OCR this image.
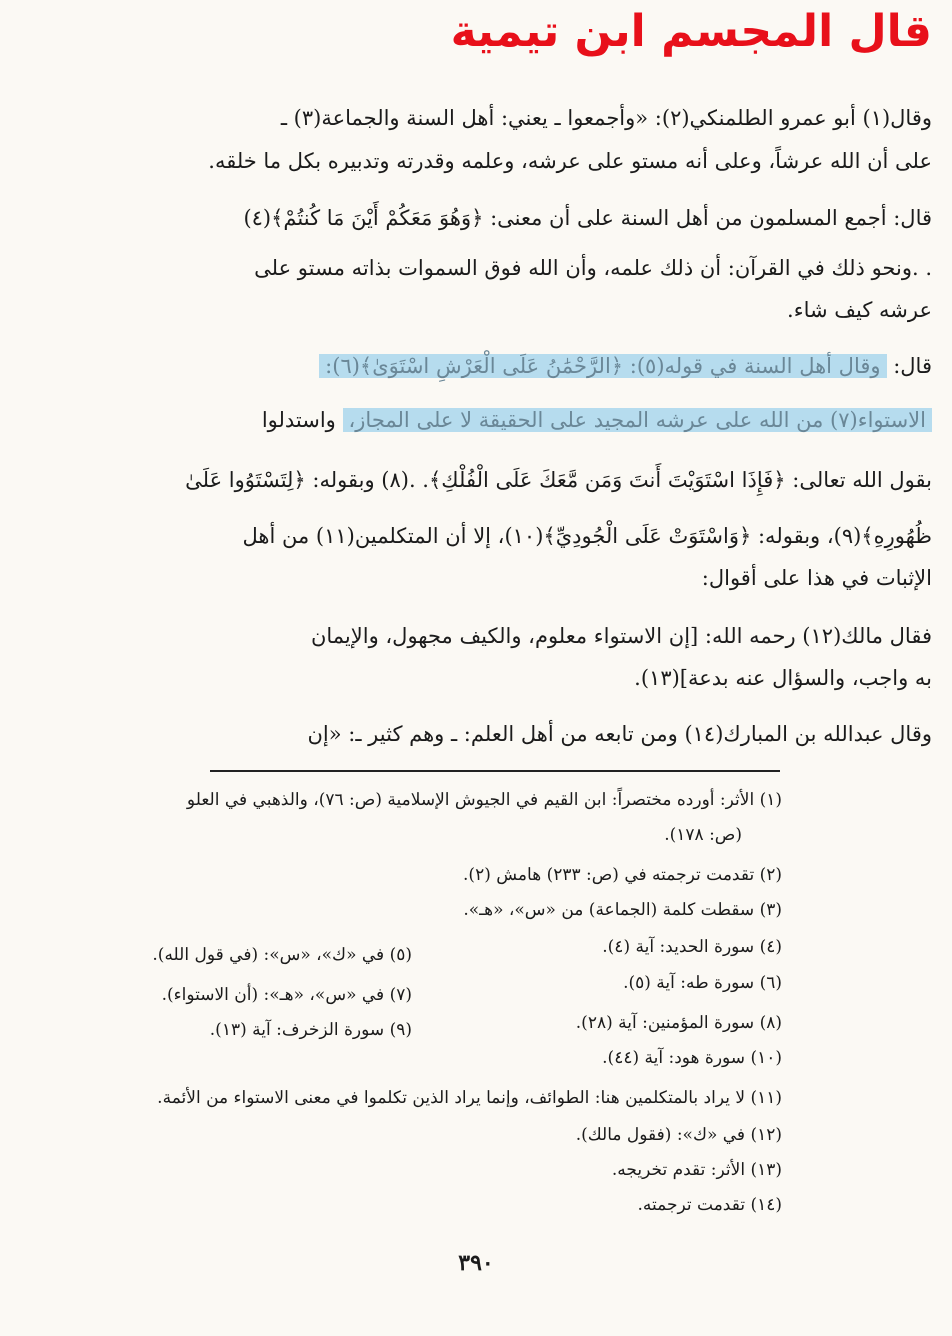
قال المجسم ابن تيمية
وقال(١) أبو عمرو الطلمنكي(٢): «وأجمعوا ـ يعني: أهل السنة والجماعة(٣) ـ
على أن الله عرشاً، وعلى أنه مستو على عرشه، وعلمه وقدرته وتدبيره بكل ما خلقه.
قال: أجمع المسلمون من أهل السنة على أن معنى: ﴿وَهُوَ مَعَكُمْ أَيْنَ مَا كُنتُمْ﴾(٤)
. .ونحو ذلك في القرآن: أن ذلك علمه، وأن الله فوق السموات بذاته مستو على
عرشه كيف شاء.
قال: وقال أهل السنة في قوله(٥): ﴿الرَّحْمَٰنُ عَلَى الْعَرْشِ اسْتَوَىٰ﴾(٦):
الاستواء(٧) من الله على عرشه المجيد على الحقيقة لا على المجاز، واستدلوا
بقول الله تعالى: ﴿فَإِذَا اسْتَوَيْتَ أَنتَ وَمَن مَّعَكَ عَلَى الْفُلْكِ﴾. .(٨) وبقوله: ﴿لِتَسْتَوُوا عَلَىٰ
ظُهُورِهِ﴾(٩)، وبقوله: ﴿وَاسْتَوَتْ عَلَى الْجُودِيِّ﴾(١٠)، إلا أن المتكلمين(١١) من أهل
الإثبات في هذا على أقوال:
فقال مالك(١٢) رحمه الله: [إن الاستواء معلوم، والكيف مجهول، والإيمان
به واجب، والسؤال عنه بدعة](١٣).
وقال عبدالله بن المبارك(١٤) ومن تابعه من أهل العلم: ـ وهم كثير ـ: «إن
(١) الأثر: أورده مختصراً: ابن القيم في الجيوش الإسلامية (ص: ٧٦)، والذهبي في العلو
(ص: ١٧٨).
(٢) تقدمت ترجمته في (ص: ٢٣٣) هامش (٢).
(٣) سقطت كلمة (الجماعة) من «س»، «هـ».
(٤) سورة الحديد: آية (٤).
(٥) في «ك»، «س»: (في قول الله).
(٦) سورة طه: آية (٥).
(٧) في «س»، «هـ»: (أن الاستواء).
(٨) سورة المؤمنين: آية (٢٨).
(٩) سورة الزخرف: آية (١٣).
(١٠) سورة هود: آية (٤٤).
(١١) لا يراد بالمتكلمين هنا: الطوائف، وإنما يراد الذين تكلموا في معنى الاستواء من الأئمة.
(١٢) في «ك»: (فقول مالك).
(١٣) الأثر: تقدم تخريجه.
(١٤) تقدمت ترجمته.
٣٩٠
